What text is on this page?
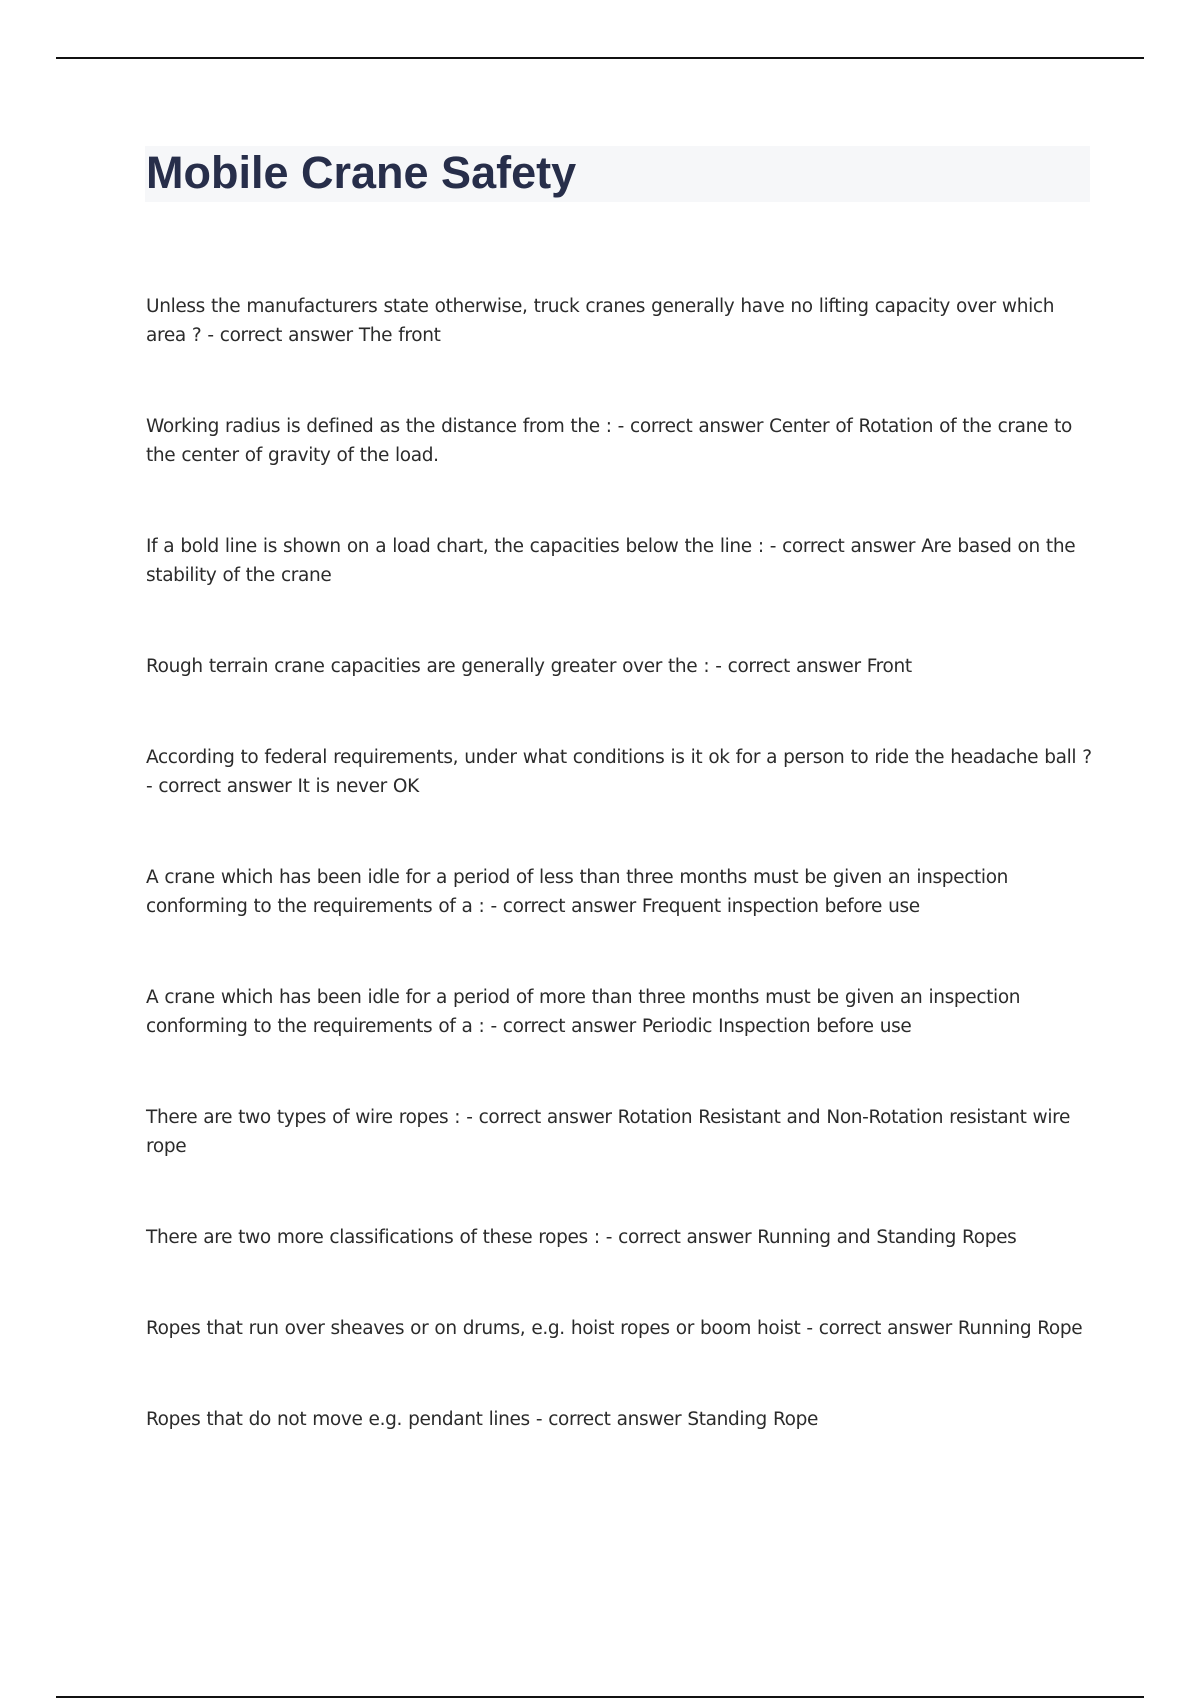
Mobile Crane Safety
Unless the manufacturers state otherwise, truck cranes generally have no lifting capacity over which area ? - correct answer The front
Working radius is defined as the distance from the : - correct answer Center of Rotation of the crane to the center of gravity of the load.
If a bold line is shown on a load chart, the capacities below the line : - correct answer Are based on the stability of the crane
Rough terrain crane capacities are generally greater over the : - correct answer Front
According to federal requirements, under what conditions is it ok for a person to ride the headache ball ? - correct answer It is never OK
A crane which has been idle for a period of less than three months must be given an inspection conforming to the requirements of a : - correct answer Frequent inspection before use
A crane which has been idle for a period of more than three months must be given an inspection conforming to the requirements of a : - correct answer Periodic Inspection before use
There are two types of wire ropes : - correct answer Rotation Resistant and Non-Rotation resistant wire rope
There are two more classifications of these ropes : - correct answer Running and Standing Ropes
Ropes that run over sheaves or on drums, e.g. hoist ropes or boom hoist - correct answer Running Rope
Ropes that do not move e.g. pendant lines - correct answer Standing Rope
